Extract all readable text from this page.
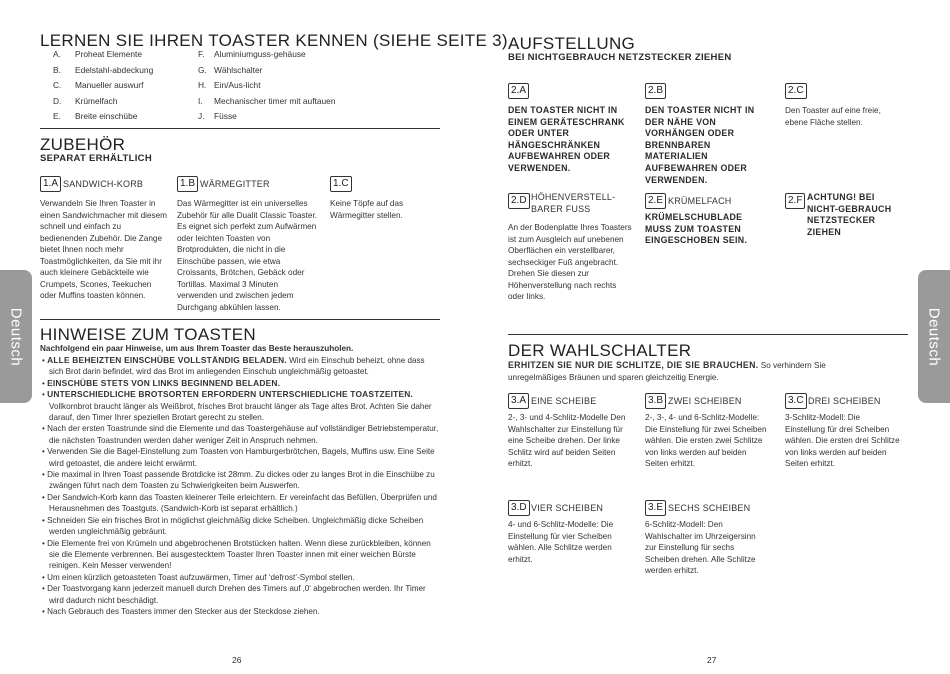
Deutsch
LERNEN SIE IHREN TOASTER KENNEN (SIEHE SEITE 3)
A. Proheat Elemente
B. Edelstahl-abdeckung
C. Manueller auswurf
D. Krümelfach
E. Breite einschübe
F. Aluminiumguss-gehäuse
G. Wählschalter
H. Ein/Aus-licht
I. Mechanischer timer mit auftauen
J. Füsse
ZUBEHÖR
SEPARAT ERHÄLTLICH
1.A SANDWICH-KORB
Verwandeln Sie Ihren Toaster in einen Sandwichmacher mit diesem schnell und einfach zu bedienenden Zubehör. Die Zange bietet Ihnen noch mehr Toastmöglichkeiten, da Sie mit ihr auch kleinere Gebäckteile wie Crumpets, Scones, Teekuchen oder Muffins toasten können.
1.B WÄRMEGITTER
Das Wärmegitter ist ein universelles Zubehör für alle Dualit Classic Toaster. Es eignet sich perfekt zum Aufwärmen oder leichten Toasten von Brotprodukten, die nicht in die Einschübe passen, wie etwa Croissants, Brötchen, Gebäck oder Tortillas. Maximal 3 Minuten verwenden und zwischen jedem Durchgang abkühlen lassen.
1.C
Keine Töpfe auf das Wärmegitter stellen.
HINWEISE ZUM TOASTEN
Nachfolgend ein paar Hinweise, um aus Ihrem Toaster das Beste herauszuholen.

• ALLE BEHEIZTEN EINSCHÜBE VOLLSTÄNDIG BELADEN. Wird ein Einschub beheizt, ohne dass sich Brot darin befindet, wird das Brot im anliegenden Einschub ungleichmäßig getoastet.

• EINSCHÜBE STETS VON LINKS BEGINNEND BELADEN.

• UNTERSCHIEDLICHE BROTSORTEN ERFORDERN UNTERSCHIEDLICHE TOASTZEITEN. Vollkornbrot braucht länger als Weißbrot, frisches Brot braucht länger als Tage altes Brot. Achten Sie daher darauf, den Timer Ihrer speziellen Brotart gerecht zu stellen.

• Nach der ersten Toastrunde sind die Elemente und das Toastergehäuse auf vollständiger Betriebstemperatur, die nächsten Toastrunden werden daher weniger Zeit in Anspruch nehmen.

• Verwenden Sie die Bagel-Einstellung zum Toasten von Hamburgerbrötchen, Bagels, Muffins usw. Eine Seite wird getoastet, die andere leicht erwärmt.

• Die maximal in Ihren Toast passende Brotdicke ist 28mm. Zu dickes oder zu langes Brot in die Einschübe zu zwängen führt nach dem Toasten zu Schwierigkeiten beim Auswerfen.

• Der Sandwich-Korb kann das Toasten kleinerer Teile erleichtern. Er vereinfacht das Befüllen, Überprüfen und Herausnehmen des Toastguts. (Sandwich-Korb ist separat erhältlich.)

• Schneiden Sie ein frisches Brot in möglichst gleichmäßig dicke Scheiben. Ungleichmäßig dicke Scheiben werden ungleichmäßig gebräunt.

• Die Elemente frei von Krümeln und abgebrochenen Brotstücken halten. Wenn diese zurückbleiben, können sie die Elemente verbrennen. Bei ausgestecktem Toaster Ihren Toaster innen mit einer weichen Bürste reinigen. Kein Messer verwenden!

• Um einen kürzlich getoasteten Toast aufzuwärmen, Timer auf ‘defrost’-Symbol stellen.

• Der Toastvorgang kann jederzeit manuell durch Drehen des Timers auf ‚0‘ abgebrochen werden. Ihr Timer wird dadurch nicht beschädigt.

• Nach Gebrauch des Toasters immer den Stecker aus der Steckdose ziehen.

26
Deutsch
AUFSTELLUNG
BEI NICHTGEBRAUCH NETZSTECKER ZIEHEN
2.A
DEN TOASTER NICHT IN EINEM GERÄTESCHRANK ODER UNTER HÄNGESCHRÄNKEN AUFBEWAHREN ODER VERWENDEN.
2.B
DEN TOASTER NICHT IN DER NÄHE VON VORHÄNGEN ODER BRENNBAREN MATERIALIEN AUFBEWAHREN ODER VERWENDEN.
2.C
Den Toaster auf eine freie, ebene Fläche stellen.
2.D HÖHENVERSTELL-BARER FUSS
An der Bodenplatte Ihres Toasters ist zum Ausgleich auf unebenen Oberflächen ein verstellbarer, sechseckiger Fuß angebracht. Drehen Sie diesen zur Höhenverstellung nach rechts oder links.
2.E KRÜMELFACH
KRÜMELSCHUBLADE MUSS ZUM TOASTEN EINGESCHOBEN SEIN.
2.F ACHTUNG! BEI NICHT-GEBRAUCH NETZSTECKER ZIEHEN
DER WAHLSCHALTER
ERHITZEN SIE NUR DIE SCHLITZE, DIE SIE BRAUCHEN. So verhindern Sie unregelmäßiges Bräunen und sparen gleichzeitig Energie.
3.A EINE SCHEIBE
2-, 3- und 4-Schlitz-Modelle Den Wahlschalter zur Einstellung für eine Scheibe drehen. Der linke Schlitz wird auf beiden Seiten erhitzt.
3.B ZWEI SCHEIBEN
2-, 3-, 4- und 6-Schlitz-Modelle: Die Einstellung für zwei Scheiben wählen. Die ersten zwei Schlitze von links werden auf beiden Seiten erhitzt.
3.C DREI SCHEIBEN
3-Schlitz-Modell: Die Einstellung für drei Scheiben wählen. Die ersten drei Schlitze von links werden auf beiden Seiten erhitzt.
3.D VIER SCHEIBEN
4- und 6-Schlitz-Modelle: Die Einstellung für vier Scheiben wählen. Alle Schlitze werden erhitzt.
3.E SECHS SCHEIBEN
6-Schlitz-Modell: Den Wahlschalter im Uhrzeigersinn zur Einstellung für sechs Scheiben drehen. Alle Schlitze werden erhitzt.
27
